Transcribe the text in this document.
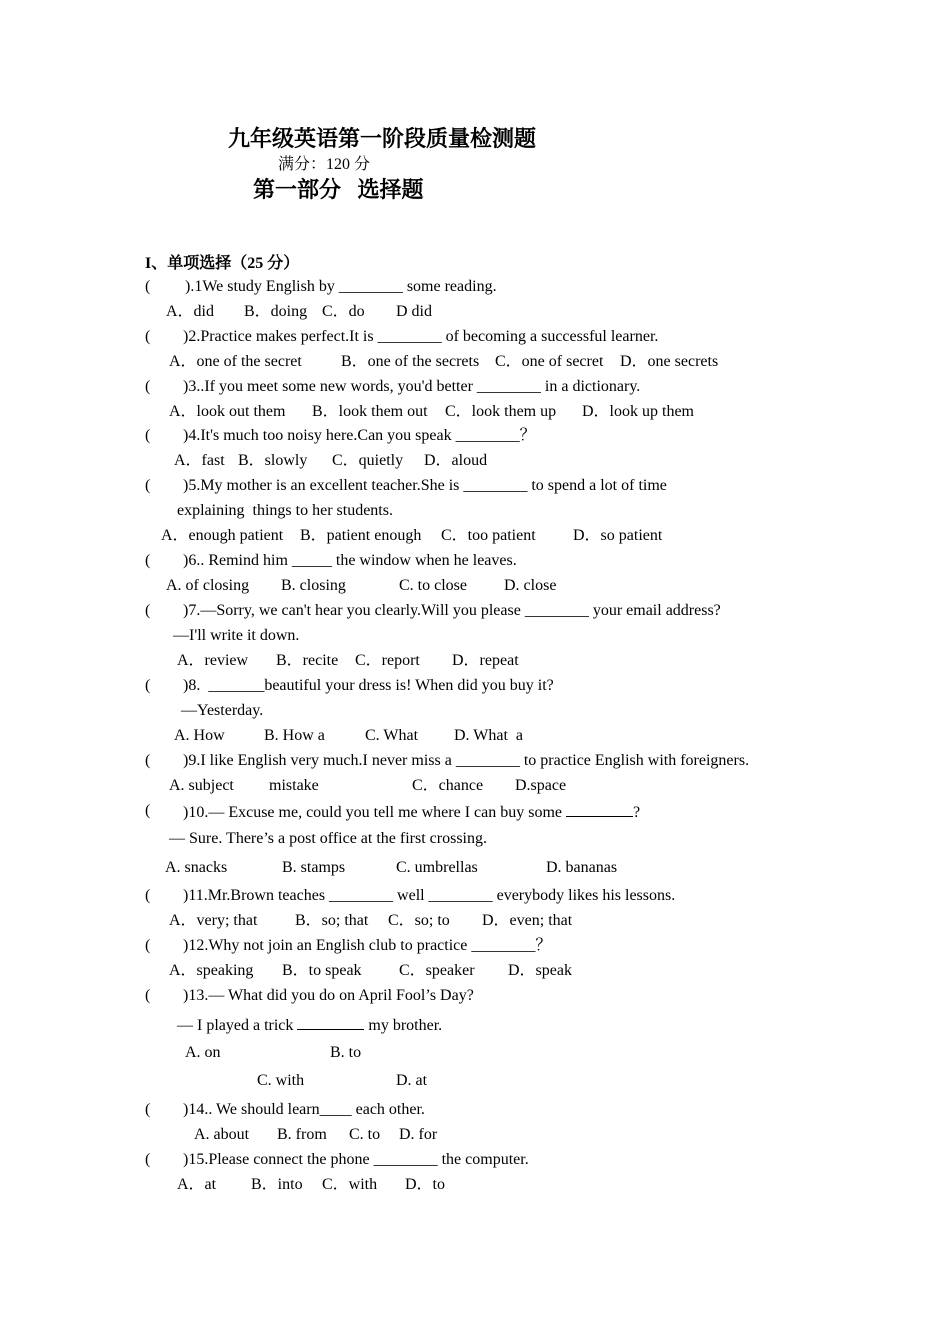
九年级英语第一阶段质量检测题
满分：120 分
第一部分   选择题
I、单项选择（25 分）
( ).1We study English by ________ some reading.
A．did B．doing C．do D did
( )2.Practice makes perfect.It is ________ of becoming a successful learner.
A．one of the secret B．one of the secrets C．one of secret D．one secrets
( )3..If you meet some new words, you'd better ________ in a dictionary.
A．look out them B．look them out C．look them up D．look up them
( )4.It's much too noisy here.Can you speak ________？
A．fast B．slowly C．quietly D．aloud
( )5.My mother is an excellent teacher.She is ________ to spend a lot of time
explaining  things to her students.
A．enough patient B．patient enough C．too patient D．so patient
( )6.. Remind him _____ the window when he leaves.
A. of closing B. closing	C. to close D. close
( )7.—Sorry, we can't hear you clearly.Will you please ________ your email address?
—I'll write it down.
A．review B．recite C．report D．repeat
( )8.  _______beautiful your dress is! When did you buy it?
—Yesterday.
A. How B. How a	C. What D. What  a
( )9.I like English very much.I never miss a ________ to practice English with foreigners.
A. subject mistake	C．chance D.space
( )10.— Excuse me, could you tell me where I can buy some	?
— Sure. There’s a post office at the first crossing.
A. snacks	B. stamps	C. umbrellas	D. bananas
( )11.Mr.Brown teaches ________ well ________ everybody likes his lessons.
A．very; that B．so; that C．so; to D．even; that
( )12.Why not join an English club to practice ________？
A．speaking B．to speak C．speaker D．speak
( )13.— What did you do on April Fool’s Day?
— I played a trick	my brother.
A. on	B. to
C. with	D. at
( )14.. We should learn____ each other.
A. about B. from C. to D. for
( )15.Please connect the phone ________ the computer.
A．at B．into C．with D．to
